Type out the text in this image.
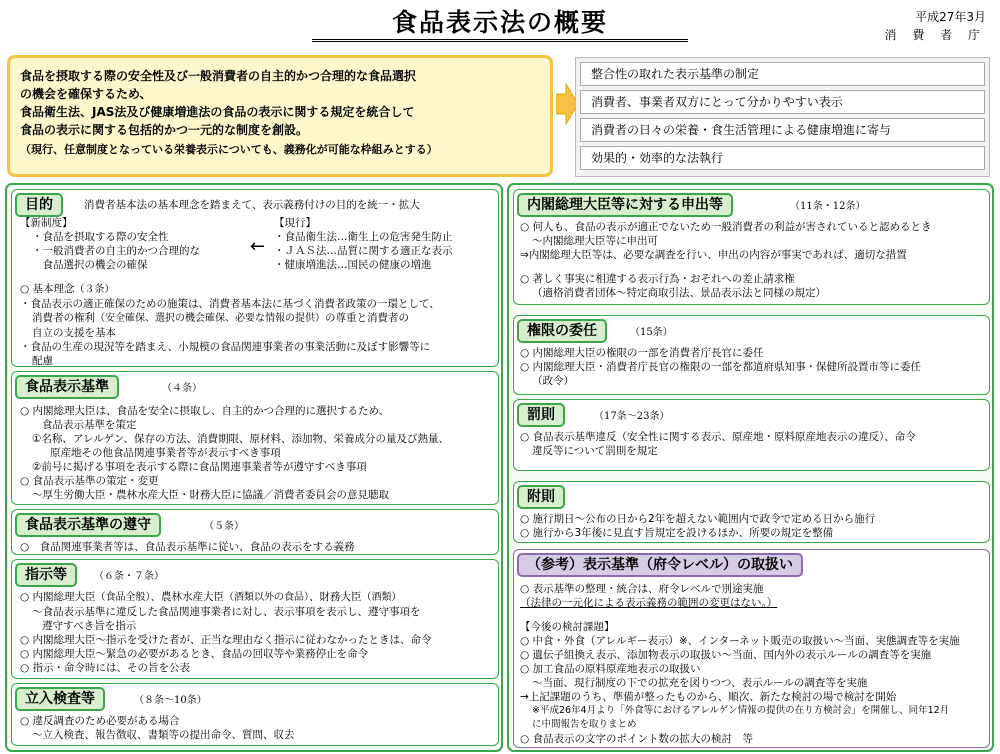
食品表示法の概要	平成27年3月
消 費 者 庁
食品を摂取する際の安全性及び一般消費者の自主的かつ合理的な食品選択
の機会を確保するため、
食品衛生法、JAS法及び健康増進法の食品の表示に関する規定を統合して
食品の表示に関する包括的かつ一元的な制度を創設。
（現行、任意制度となっている栄養表示についても、義務化が可能な枠組みとする）
整合性の取れた表示基準の制定
消費者、事業者双方にとって分かりやすい表示
消費者の日々の栄養・食生活管理による健康増進に寄与
効果的・効率的な法執行
目的	消費者基本法の基本理念を踏まえて、表示義務付けの目的を統一・拡大
【新制度】
・食品を摂取する際の安全性
・一般消費者の自主的かつ合理的な
　食品選択の機会の確保
←
【現行】
・食品衛生法…衛生上の危害発生防止
・ＪＡＳ法…品質に関する適正な表示
・健康増進法…国民の健康の増進
○ 基本理念（３条）
・食品表示の適正確保のための施策は、消費者基本法に基づく消費者政策の一環として、
消費者の権利（安全確保、選択の機会確保、必要な情報の提供）の尊重と消費者の
自立の支援を基本
・食品の生産の現況等を踏まえ、小規模の食品関連事業者の事業活動に及ぼす影響等に
配慮
食品表示基準	（４条）
○ 内閣総理大臣は、食品を安全に摂取し、自主的かつ合理的に選択するため、
食品表示基準を策定
①名称、アレルゲン、保存の方法、消費期限、原材料、添加物、栄養成分の量及び熱量、
原産地その他食品関連事業者等が表示すべき事項
②前号に掲げる事項を表示する際に食品関連事業者等が遵守すべき事項
○ 食品表示基準の策定・変更
〜厚生労働大臣・農林水産大臣・財務大臣に協議／消費者委員会の意見聴取
食品表示基準の遵守	（５条）
○　食品関連事業者等は、食品表示基準に従い、食品の表示をする義務
指示等	（６条・７条）
○ 内閣総理大臣（食品全般）、農林水産大臣（酒類以外の食品）、財務大臣（酒類）
〜食品表示基準に違反した食品関連事業者に対し、表示事項を表示し、遵守事項を
遵守すべき旨を指示
○ 内閣総理大臣〜指示を受けた者が、正当な理由なく指示に従わなかったときは、命令
○ 内閣総理大臣〜緊急の必要があるとき、食品の回収等や業務停止を命令
○ 指示・命令時には、その旨を公表
立入検査等	（８条〜10条）
○ 違反調査のため必要がある場合
〜立入検査、報告徴収、書類等の提出命令、質問、収去
内閣総理大臣等に対する申出等	（11条・12条）
○ 何人も、食品の表示が適正でないため一般消費者の利益が害されていると認めるとき
〜内閣総理大臣等に申出可
⇒内閣総理大臣等は、必要な調査を行い、申出の内容が事実であれば、適切な措置
○ 著しく事実に相違する表示行為・おそれへの差止請求権
（適格消費者団体〜特定商取引法、景品表示法と同様の規定）
権限の委任	（15条）
○ 内閣総理大臣の権限の一部を消費者庁長官に委任
○ 内閣総理大臣・消費者庁長官の権限の一部を都道府県知事・保健所設置市等に委任
（政令）
罰則	（17条〜23条）
○ 食品表示基準違反（安全性に関する表示、原産地・原料原産地表示の違反）、命令
違反等について罰則を規定
附則
○ 施行期日〜公布の日から2年を超えない範囲内で政令で定める日から施行
○ 施行から3年後に見直す旨規定を設けるほか、所要の規定を整備
（参考）表示基準（府令レベル）の取扱い
○ 表示基準の整理・統合は、府令レベルで別途実施
（法律の一元化による表示義務の範囲の変更はない。）
【今後の検討課題】
○ 中食・外食（アレルギー表示）※、インターネット販売の取扱い〜当面、実態調査等を実施
○ 遺伝子組換え表示、添加物表示の取扱い〜当面、国内外の表示ルールの調査等を実施
○ 加工食品の原料原産地表示の取扱い
〜当面、現行制度の下での拡充を図りつつ、表示ルールの調査等を実施
→上記課題のうち、準備が整ったものから、順次、新たな検討の場で検討を開始
※平成26年4月より「外食等におけるアレルゲン情報の提供の在り方検討会」を開催し、同年12月
に中間報告を取りまとめ
○ 食品表示の文字のポイント数の拡大の検討　等
